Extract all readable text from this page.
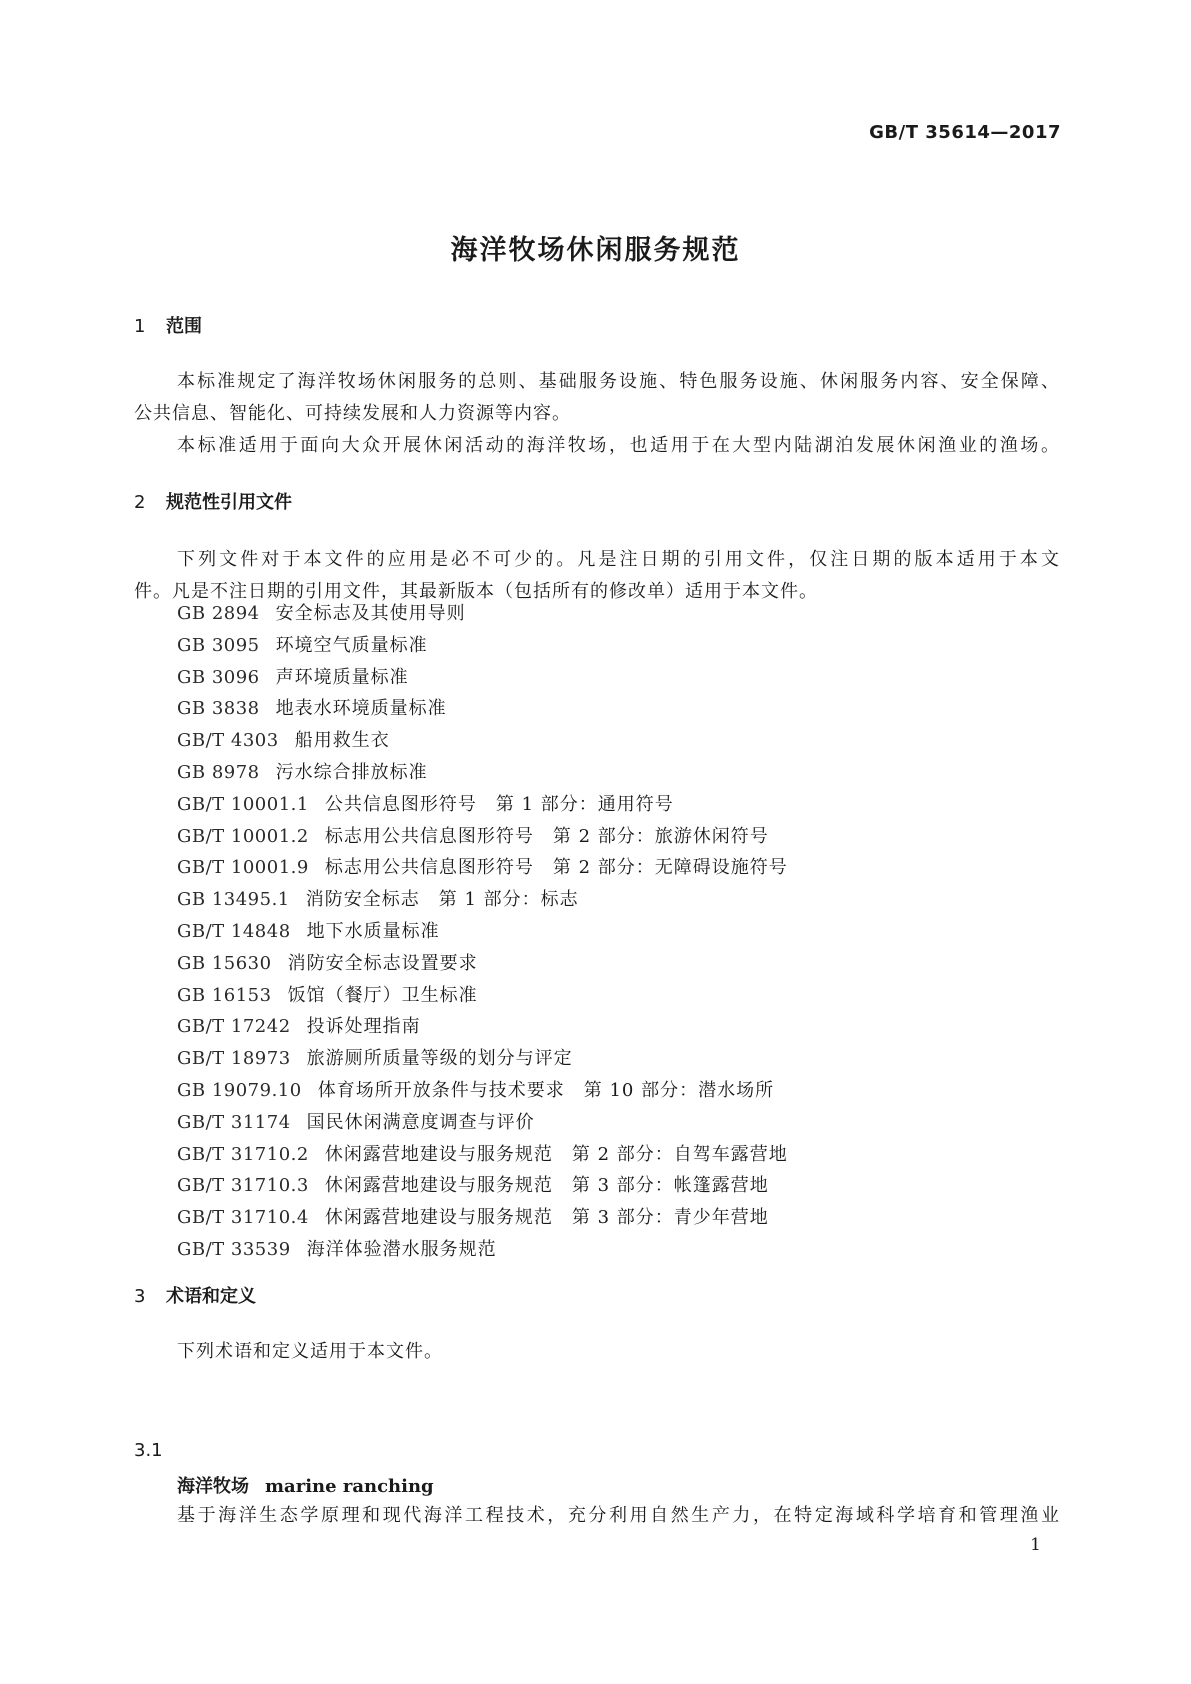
GB/T 35614—2017
海洋牧场休闲服务规范
1 范围
本标准规定了海洋牧场休闲服务的总则、基础服务设施、特色服务设施、休闲服务内容、安全保障、
公共信息、智能化、可持续发展和人力资源等内容。
本标准适用于面向大众开展休闲活动的海洋牧场，也适用于在大型内陆湖泊发展休闲渔业的渔场。
2 规范性引用文件
下列文件对于本文件的应用是必不可少的。凡是注日期的引用文件，仅注日期的版本适用于本文
件。凡是不注日期的引用文件，其最新版本（包括所有的修改单）适用于本文件。
GB 2894 安全标志及其使用导则
GB 3095 环境空气质量标准
GB 3096 声环境质量标准
GB 3838 地表水环境质量标准
GB/T 4303 船用救生衣
GB 8978 污水综合排放标准
GB/T 10001.1 公共信息图形符号　第 1 部分：通用符号
GB/T 10001.2 标志用公共信息图形符号　第 2 部分：旅游休闲符号
GB/T 10001.9 标志用公共信息图形符号　第 2 部分：无障碍设施符号
GB 13495.1 消防安全标志　第 1 部分：标志
GB/T 14848 地下水质量标准
GB 15630 消防安全标志设置要求
GB 16153 饭馆（餐厅）卫生标准
GB/T 17242 投诉处理指南
GB/T 18973 旅游厕所质量等级的划分与评定
GB 19079.10 体育场所开放条件与技术要求　第 10 部分：潜水场所
GB/T 31174 国民休闲满意度调查与评价
GB/T 31710.2 休闲露营地建设与服务规范　第 2 部分：自驾车露营地
GB/T 31710.3 休闲露营地建设与服务规范　第 3 部分：帐篷露营地
GB/T 31710.4 休闲露营地建设与服务规范　第 3 部分：青少年营地
GB/T 33539 海洋体验潜水服务规范
3 术语和定义
下列术语和定义适用于本文件。
3.1
海洋牧场 marine ranching
基于海洋生态学原理和现代海洋工程技术，充分利用自然生产力，在特定海域科学培育和管理渔业
1
